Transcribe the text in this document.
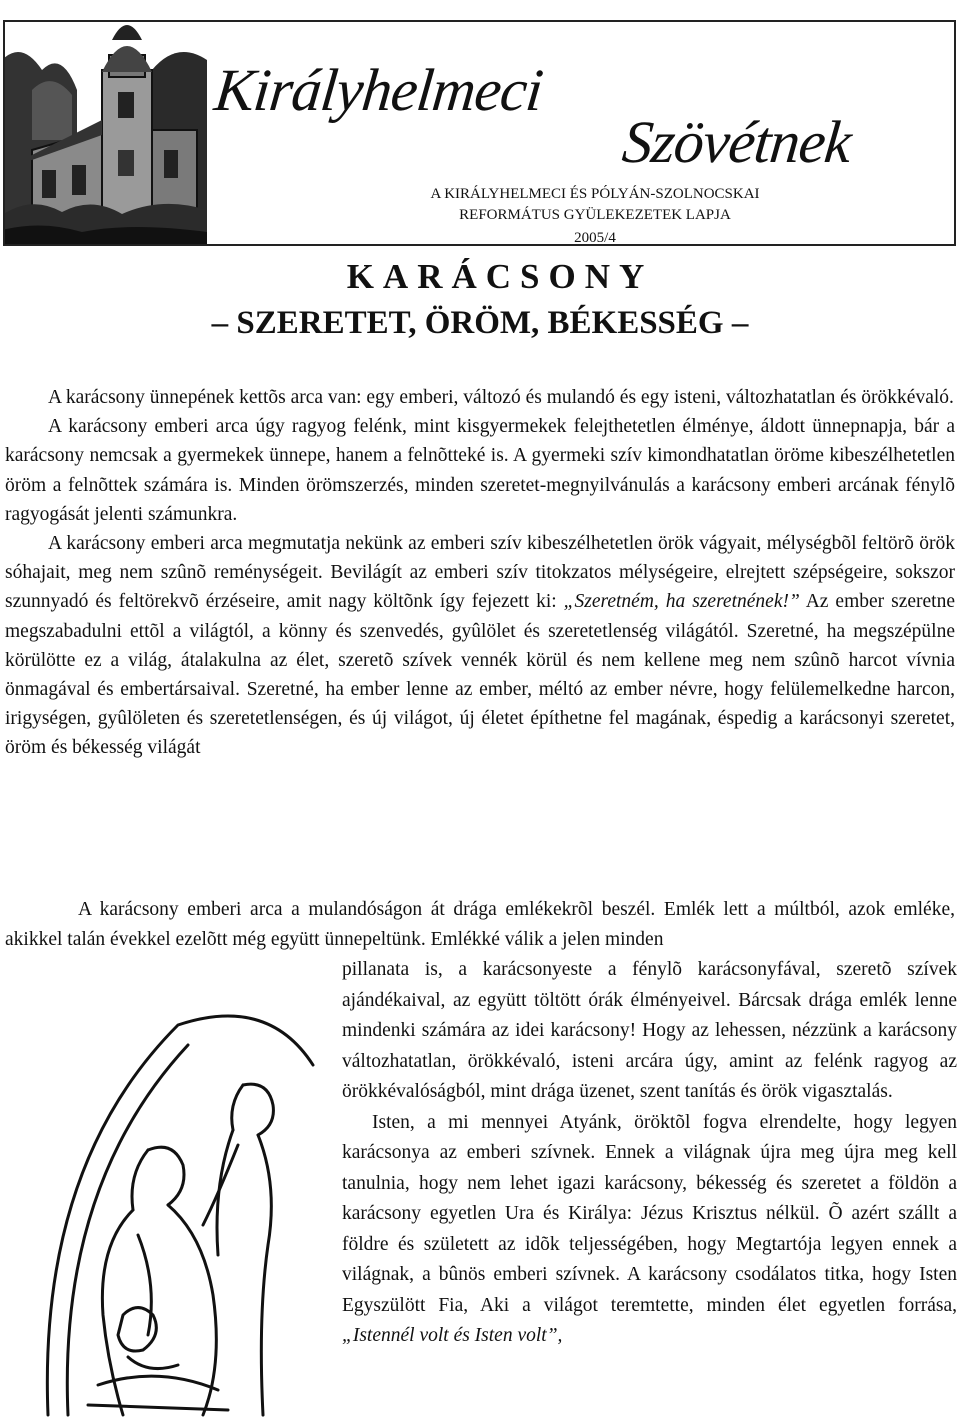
Királyhelmeci
Szövétnek
A KIRÁLYHELMECI ÉS PÓLYÁN-SZOLNOCSKAI
REFORMÁTUS GYÜLEKEZETEK LAPJA
2005/4
KARÁCSONY
– SZERETET, ÖRÖM, BÉKESSÉG –

A karácsony ünnepének kettõs arca van: egy emberi, változó és mulandó és egy isteni, változhatatlan és örökkévaló.

A karácsony emberi arca úgy ragyog felénk, mint kisgyermekek felejthetetlen élménye, áldott ünnepnapja, bár a karácsony nemcsak a gyermekek ünnepe, hanem a felnõtteké is. A gyermeki szív kimondhatatlan öröme kibeszélhetetlen öröm a felnõttek számára is. Minden örömszerzés, minden szeretet-megnyilvánulás a karácsony emberi arcának fénylõ ragyogását jelenti számunkra.

A karácsony emberi arca megmutatja nekünk az emberi szív kibeszélhetetlen örök vágyait, mélységbõl feltörõ örök sóhajait, meg nem szûnõ reménységeit. Bevilágít az emberi szív titokzatos mélységeire, elrejtett szépségeire, sokszor szunnyadó és feltörekvõ érzéseire, amit nagy költõnk így fejezett ki: „Szeretném, ha szeretnének!” Az ember szeretne megszabadulni ettõl a világtól, a könny és szenvedés, gyûlölet és szeretetlenség világától. Szeretné, ha megszépülne körülötte ez a világ, átalakulna az élet, szeretõ szívek vennék körül és nem kellene meg nem szûnõ harcot vívnia önmagával és embertársaival. Szeretné, ha ember lenne az ember, méltó az ember névre, hogy felülemelkedne harcon, irigységen, gyûlöleten és szeretetlenségen, és új világot, új életet építhetne fel magának, éspedig a karácsonyi szeretet, öröm és békesség világát

A karácsony emberi arca a mulandóságon át drága emlékekrõl beszél. Emlék lett a múltból, azok emléke, akikkel talán évekkel ezelõtt még együtt ünnepeltünk. Emlékké válik a jelen minden

pillanata is, a karácsonyeste a fénylõ karácsonyfával, szeretõ szívek ajándékaival, az együtt töltött órák élményeivel. Bárcsak drága emlék lenne mindenki számára az idei karácsony! Hogy az lehessen, nézzünk a karácsony változhatatlan, örökkévaló, isteni arcára úgy, amint az felénk ragyog az örökkévalóságból, mint drága üzenet, szent tanítás és örök vigasztalás.

Isten, a mi mennyei Atyánk, öröktõl fogva elrendelte, hogy legyen karácsonya az emberi szívnek. Ennek a világnak újra meg újra meg kell tanulnia, hogy nem lehet igazi karácsony, békesség és szeretet a földön a karácsony egyetlen Ura és Királya: Jézus Krisztus nélkül. Õ azért szállt a földre és született az idõk teljességében, hogy Megtartója legyen ennek a világnak, a bûnös emberi szívnek. A karácsony csodálatos titka, hogy Isten Egyszülött Fia, Aki a világot teremtette, minden élet egyetlen forrása, „Istennél volt és Isten volt”,
